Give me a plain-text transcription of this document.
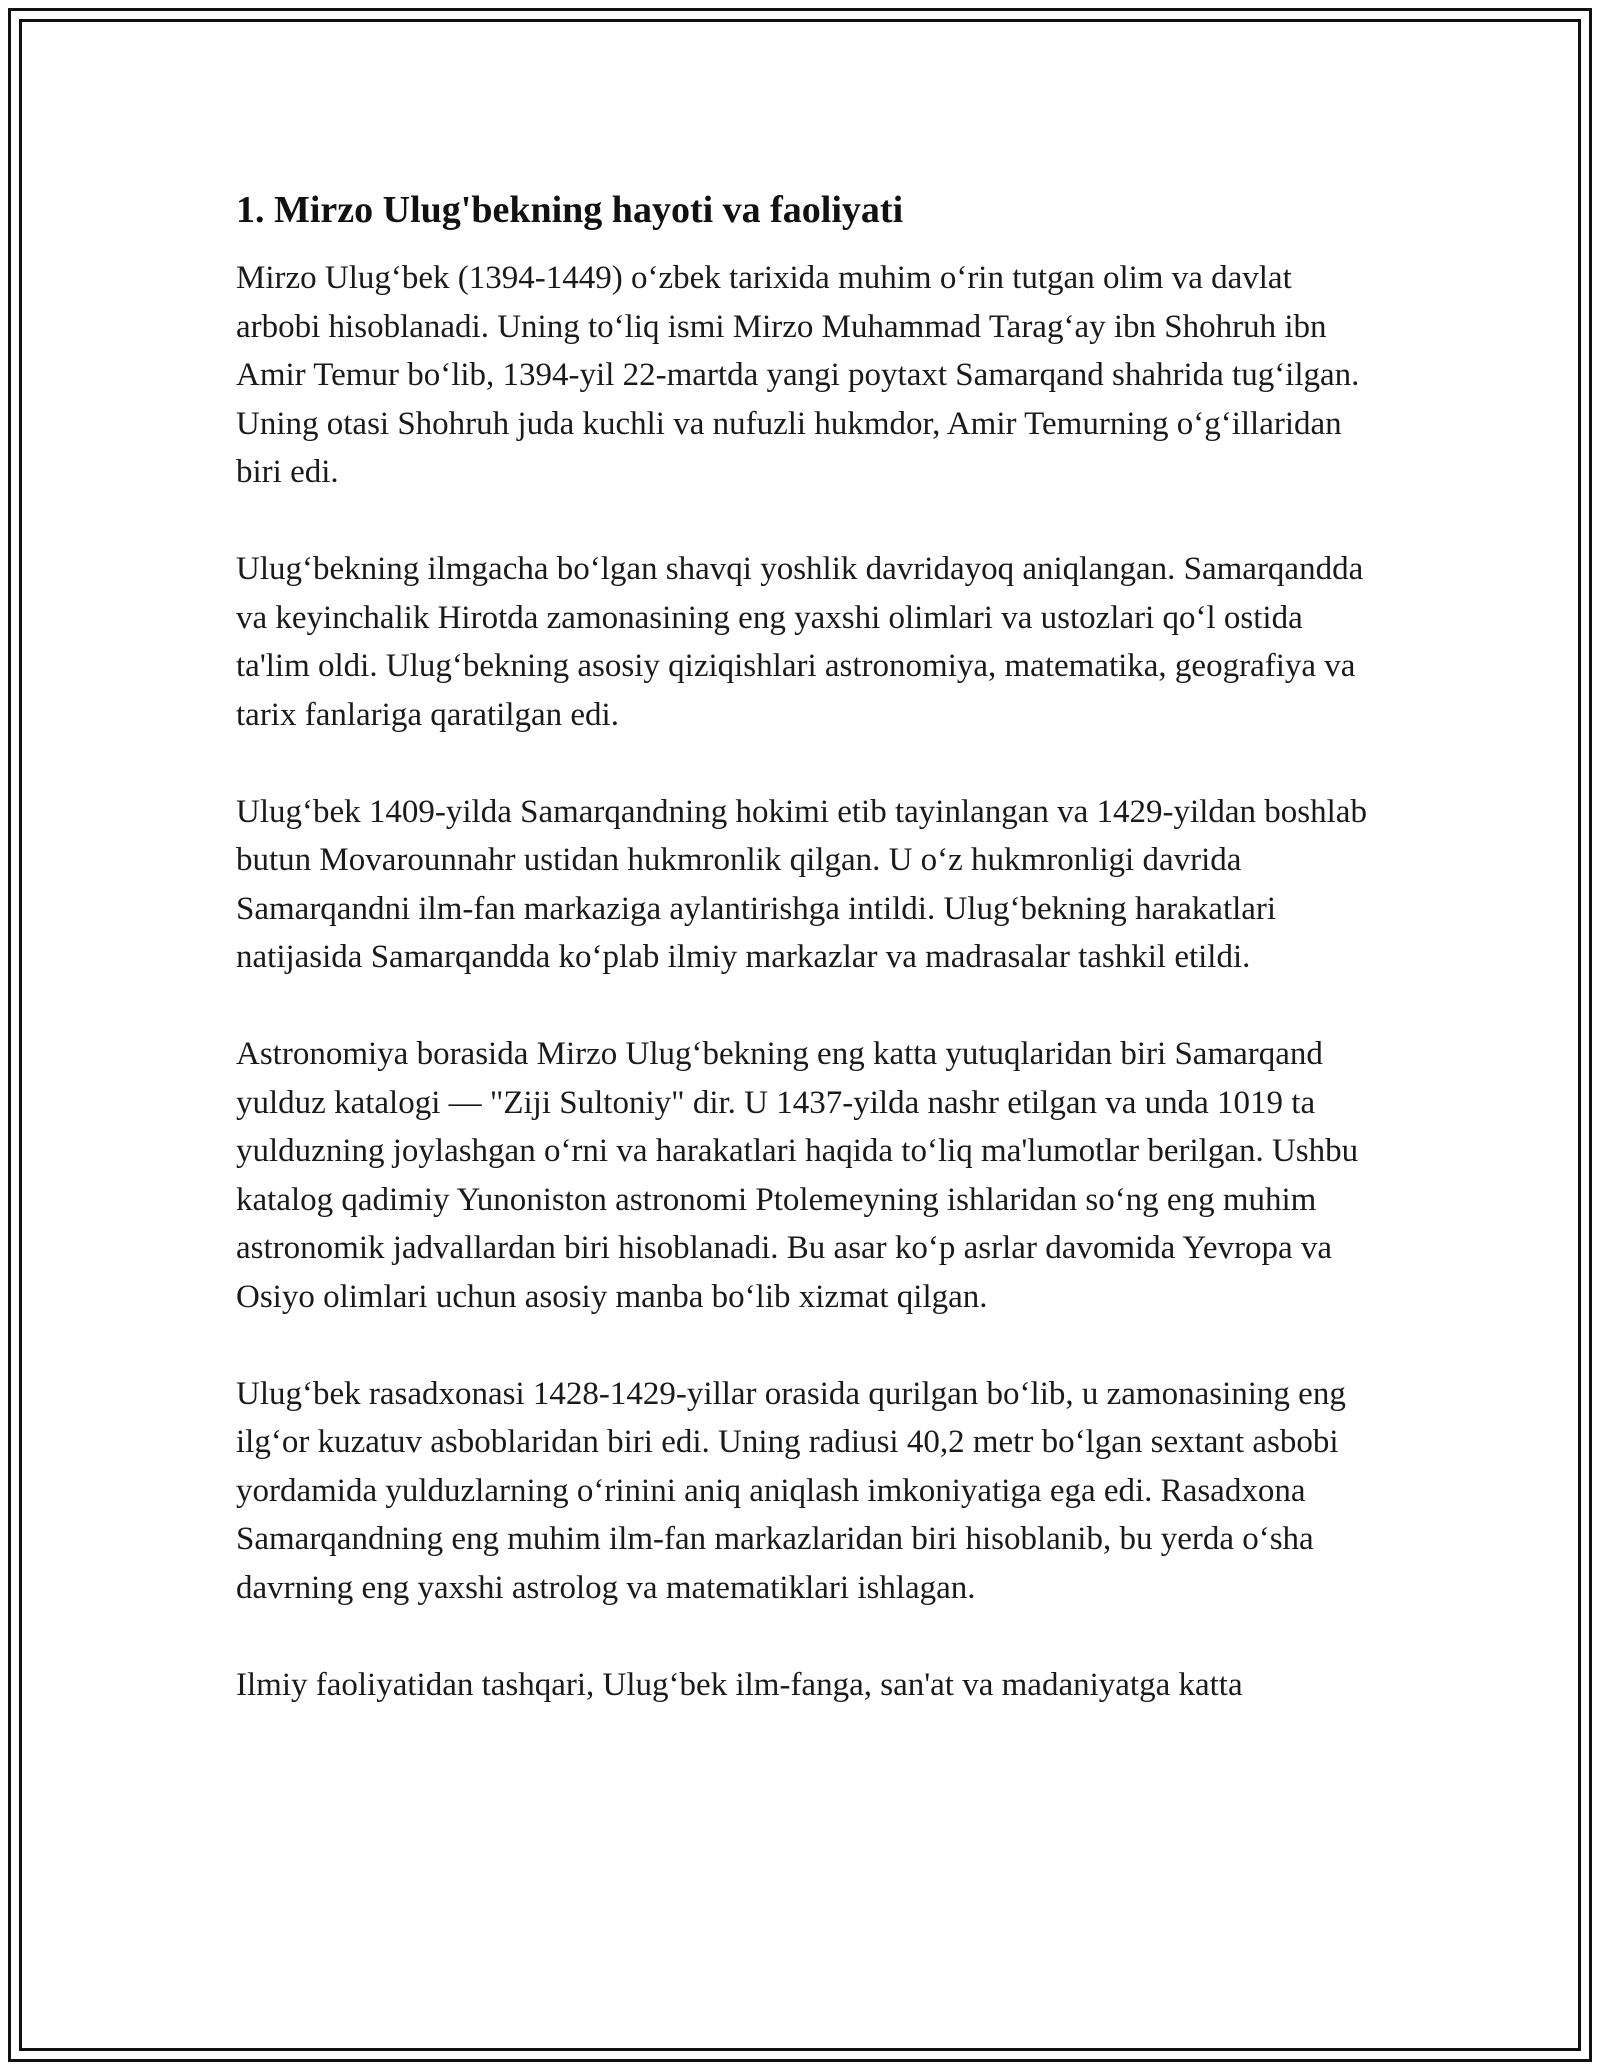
1. Mirzo Ulug'bekning hayoti va faoliyati

Mirzo Ulug‘bek (1394-1449) o‘zbek tarixida muhim o‘rin tutgan olim va davlat arbobi hisoblanadi. Uning to‘liq ismi Mirzo Muhammad Tarag‘ay ibn Shohruh ibn Amir Temur bo‘lib, 1394-yil 22-martda yangi poytaxt Samarqand shahrida tug‘ilgan. Uning otasi Shohruh juda kuchli va nufuzli hukmdor, Amir Temurning o‘g‘illaridan biri edi.

Ulug‘bekning ilmgacha bo‘lgan shavqi yoshlik davridayoq aniqlangan. Samarqandda va keyinchalik Hirotda zamonasining eng yaxshi olimlari va ustozlari qo‘l ostida ta'lim oldi. Ulug‘bekning asosiy qiziqishlari astronomiya, matematika, geografiya va tarix fanlariga qaratilgan edi.

Ulug‘bek 1409-yilda Samarqandning hokimi etib tayinlangan va 1429-yildan boshlab butun Movarounnahr ustidan hukmronlik qilgan. U o‘z hukmronligi davrida Samarqandni ilm-fan markaziga aylantirishga intildi. Ulug‘bekning harakatlari natijasida Samarqandda ko‘plab ilmiy markazlar va madrasalar tashkil etildi.

Astronomiya borasida Mirzo Ulug‘bekning eng katta yutuqlaridan biri Samarqand yulduz katalogi — "Ziji Sultoniy" dir. U 1437-yilda nashr etilgan va unda 1019 ta yulduzning joylashgan o‘rni va harakatlari haqida to‘liq ma'lumotlar berilgan. Ushbu katalog qadimiy Yunoniston astronomi Ptolemeyning ishlaridan so‘ng eng muhim astronomik jadvallardan biri hisoblanadi. Bu asar ko‘p asrlar davomida Yevropa va Osiyo olimlari uchun asosiy manba bo‘lib xizmat qilgan.

Ulug‘bek rasadxonasi 1428-1429-yillar orasida qurilgan bo‘lib, u zamonasining eng ilg‘or kuzatuv asboblaridan biri edi. Uning radiusi 40,2 metr bo‘lgan sextant asbobi yordamida yulduzlarning o‘rinini aniq aniqlash imkoniyatiga ega edi. Rasadxona Samarqandning eng muhim ilm-fan markazlaridan biri hisoblanib, bu yerda o‘sha davrning eng yaxshi astrolog va matematiklari ishlagan.

Ilmiy faoliyatidan tashqari, Ulug‘bek ilm-fanga, san'at va madaniyatga katta
